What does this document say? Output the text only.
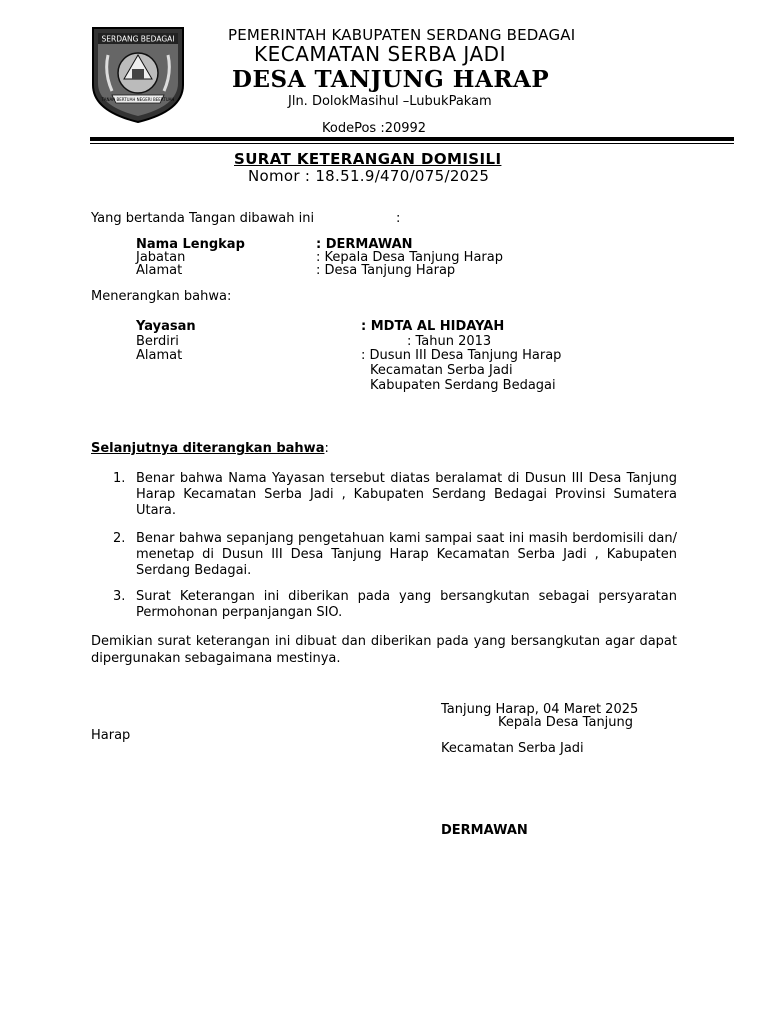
SERDANG BEDAGAI
TANAH BERTUAH NEGERI BEERTUAH
PEMERINTAH KABUPATEN SERDANG BEDAGAI
KECAMATAN SERBA JADI
DESA TANJUNG HARAP
Jln. DolokMasihul –LubukPakam
KodePos :20992
SURAT KETERANGAN DOMISILI
Nomor : 18.51.9/470/075/2025
Yang bertanda Tangan dibawah ini	:
Nama Lengkap	: DERMAWAN
Jabatan	: Kepala Desa Tanjung Harap
Alamat	: Desa Tanjung Harap
Menerangkan bahwa:
Yayasan	: MDTA AL HIDAYAH
Berdiri	: Tahun 2013
Alamat	: Dusun III Desa Tanjung Harap
Kecamatan Serba Jadi
Kabupaten Serdang Bedagai
Selanjutnya diterangkan bahwa:
1. Benar bahwa Nama Yayasan tersebut diatas beralamat di Dusun III Desa Tanjung Harap Kecamatan Serba Jadi , Kabupaten Serdang Bedagai Provinsi Sumatera Utara.
2. Benar bahwa sepanjang pengetahuan kami sampai saat ini masih berdomisili dan/ menetap di Dusun III Desa Tanjung Harap Kecamatan Serba Jadi , Kabupaten Serdang Bedagai.
3. Surat Keterangan ini diberikan pada yang bersangkutan sebagai persyaratan Permohonan perpanjangan SIO.
Demikian surat keterangan ini dibuat dan diberikan pada yang bersangkutan agar dapat dipergunakan sebagaimana mestinya.
Tanjung Harap, 04 Maret 2025
Kepala Desa Tanjung
Harap
Kecamatan Serba Jadi
DERMAWAN
